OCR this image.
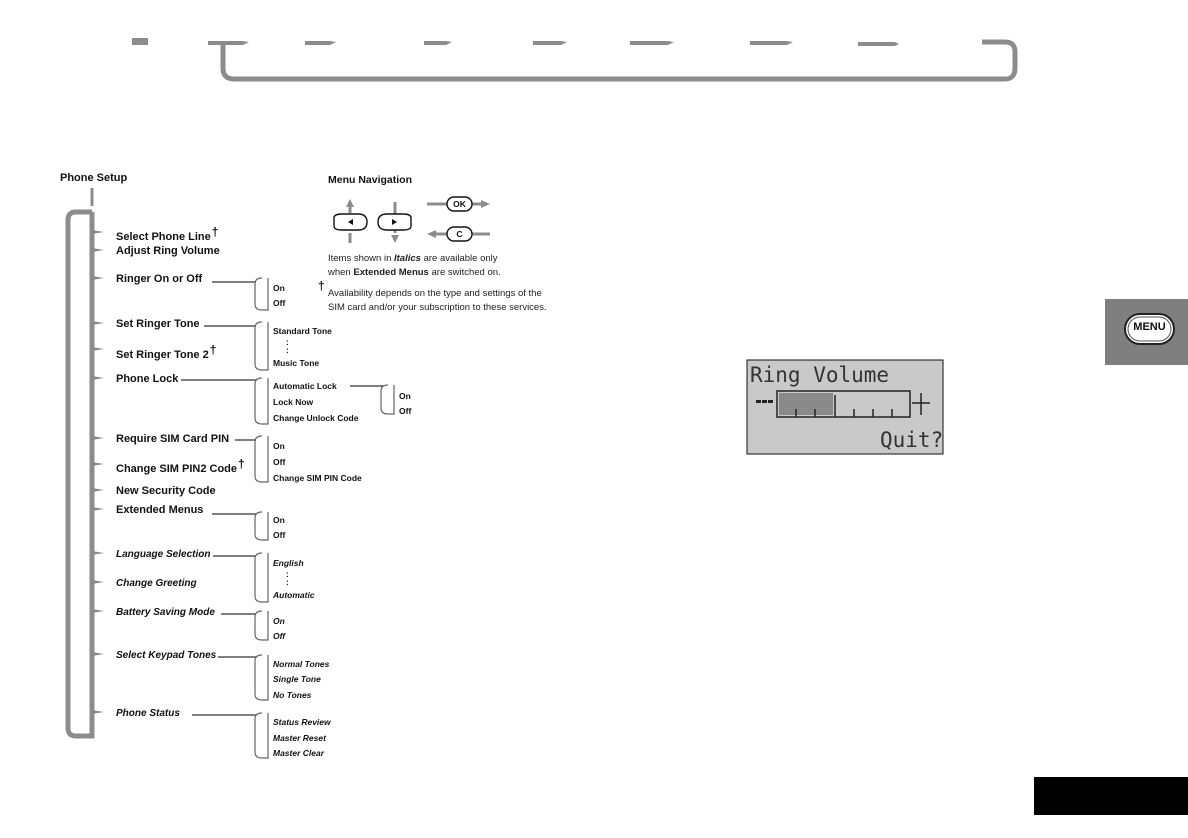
Phone Setup
Select Phone Line†
Adjust Ring Volume
Ringer On or Off
Set Ringer Tone
Set Ringer Tone 2†
Phone Lock
Require SIM Card PIN
Change SIM PIN2 Code†
New Security Code
Extended Menus
Language Selection
Change Greeting
Battery Saving Mode
Select Keypad Tones
Phone Status
On
Off
Standard Tone
:
:
Music Tone
Automatic Lock
Lock Now
Change Unlock Code
On
Off
On
Off
Change SIM PIN Code
On
Off
English
:
:
Automatic
On
Off
Normal Tones
Single Tone
No Tones
Status Review
Master Reset
Master Clear
Menu Navigation
OK
C
Items shown in Italics are available only
when Extended Menus are switched on.
†
Availability depends on the type and settings of the
SIM card and/or your subscription to these services.
Ring Volume
Quit?
MENU
